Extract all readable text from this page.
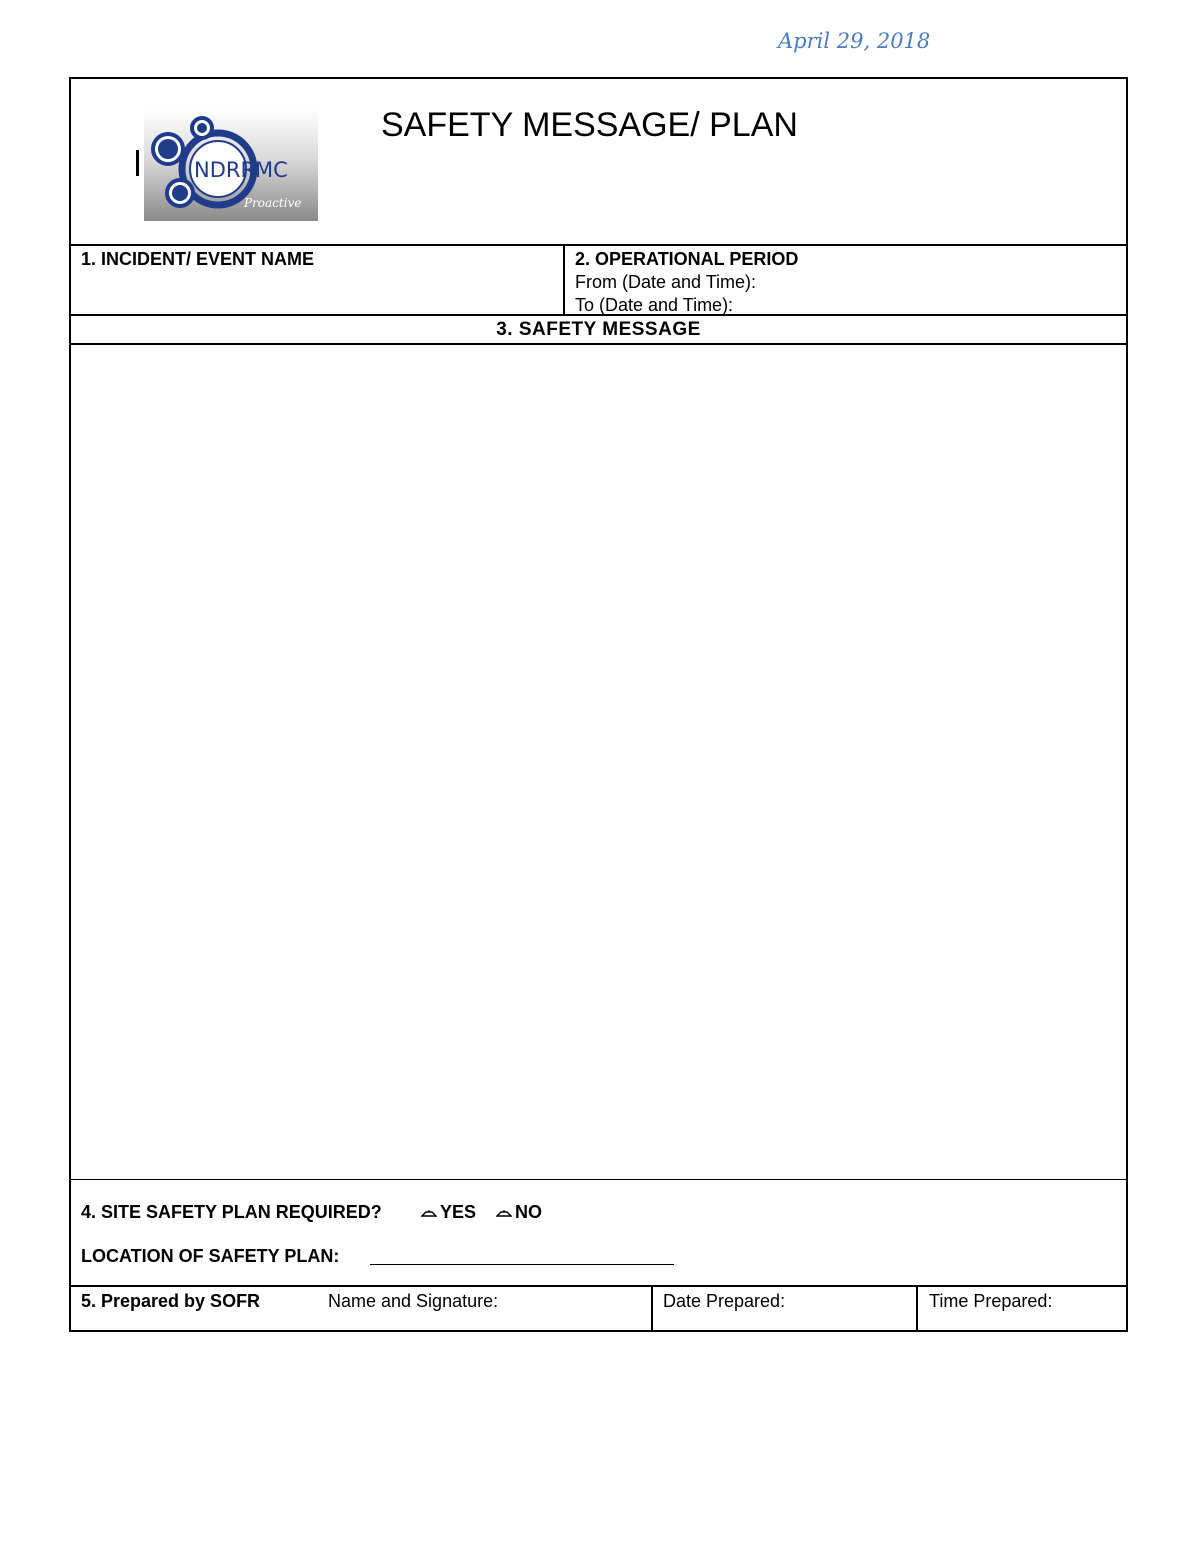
April 29, 2018
NDRRMC
Proactive
SAFETY MESSAGE/ PLAN
1. INCIDENT/ EVENT NAME	2. OPERATIONAL PERIOD
From (Date and Time):
To (Date and Time):
3. SAFETY MESSAGE
4. SITE SAFETY PLAN REQUIRED?	YES	NO
LOCATION OF SAFETY PLAN:
5. Prepared by SOFR	Name and Signature:	Date Prepared:	Time Prepared:
